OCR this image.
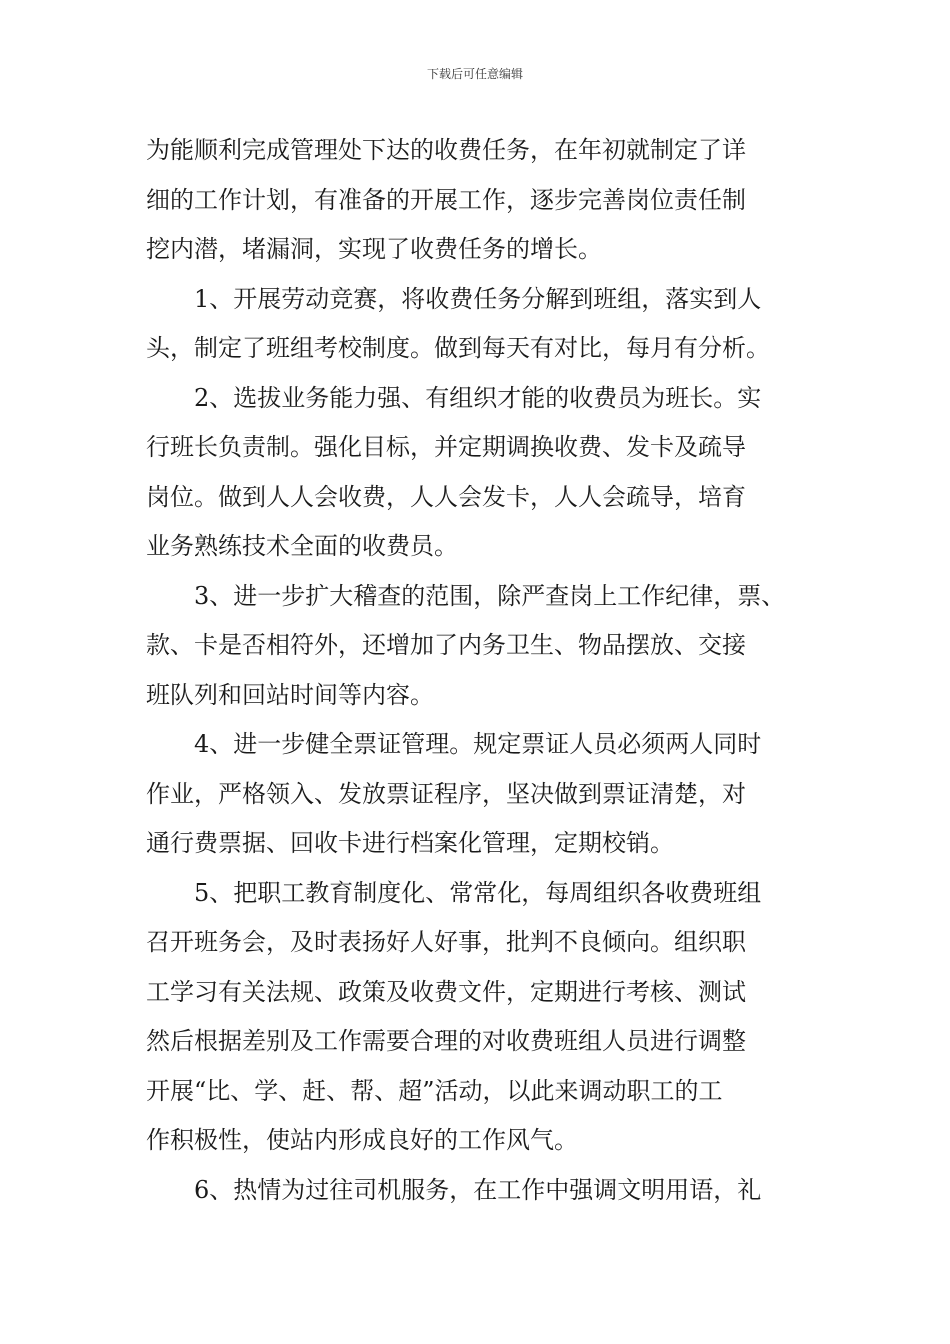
下载后可任意编辑
为能顺利完成管理处下达的收费任务，在年初就制定了详
细的工作计划，有准备的开展工作，逐步完善岗位责任制
挖内潜，堵漏洞，实现了收费任务的增长。
1、开展劳动竞赛，将收费任务分解到班组，落实到人
头，制定了班组考校制度。做到每天有对比，每月有分析。
2、选拔业务能力强、有组织才能的收费员为班长。实
行班长负责制。强化目标，并定期调换收费、发卡及疏导
岗位。做到人人会收费，人人会发卡，人人会疏导，培育
业务熟练技术全面的收费员。
3、进一步扩大稽查的范围，除严查岗上工作纪律，票、
款、卡是否相符外，还增加了内务卫生、物品摆放、交接
班队列和回站时间等内容。
4、进一步健全票证管理。规定票证人员必须两人同时
作业，严格领入、发放票证程序，坚决做到票证清楚，对
通行费票据、回收卡进行档案化管理，定期校销。
5、把职工教育制度化、常常化，每周组织各收费班组
召开班务会，及时表扬好人好事，批判不良倾向。组织职
工学习有关法规、政策及收费文件，定期进行考核、测试
然后根据差别及工作需要合理的对收费班组人员进行调整
开展“比、学、赶、帮、超”活动，以此来调动职工的工
作积极性，使站内形成良好的工作风气。
6、热情为过往司机服务，在工作中强调文明用语，礼
